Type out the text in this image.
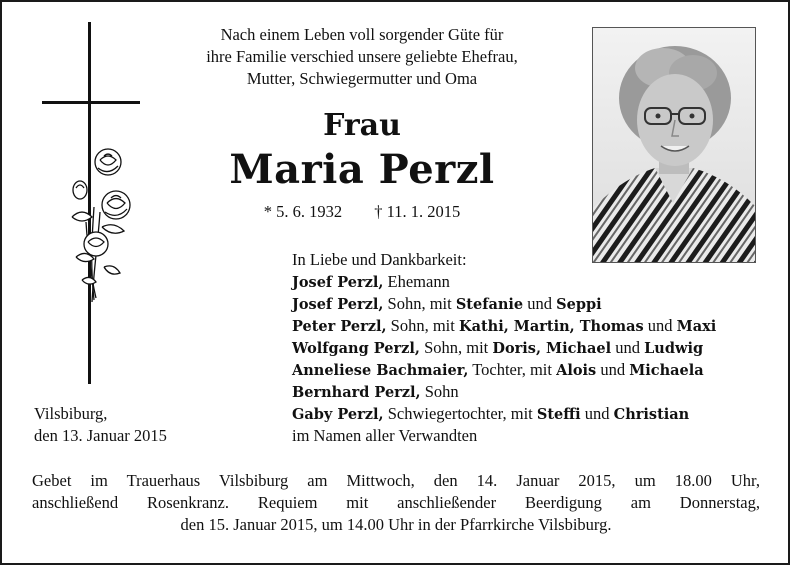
Nach einem Leben voll sorgender Güte für
ihre Familie verschied unsere geliebte Ehefrau,
Mutter, Schwiegermutter und Oma
Frau
Maria Perzl
* 5. 6. 1932 † 11. 1. 2015
In Liebe und Dankbarkeit:
Josef Perzl, Ehemann
Josef Perzl, Sohn, mit Stefanie und Seppi
Peter Perzl, Sohn, mit Kathi, Martin, Thomas und Maxi
Wolfgang Perzl, Sohn, mit Doris, Michael und Ludwig
Anneliese Bachmaier, Tochter, mit Alois und Michaela
Bernhard Perzl, Sohn
Gaby Perzl, Schwiegertochter, mit Steffi und Christian
im Namen aller Verwandten
Vilsbiburg,
den 13. Januar 2015
Gebet im Trauerhaus Vilsbiburg am Mittwoch, den 14. Januar 2015, um 18.00 Uhr,
anschließend Rosenkranz. Requiem mit anschließender Beerdigung am Donnerstag,
den 15. Januar 2015, um 14.00 Uhr in der Pfarrkirche Vilsbiburg.
